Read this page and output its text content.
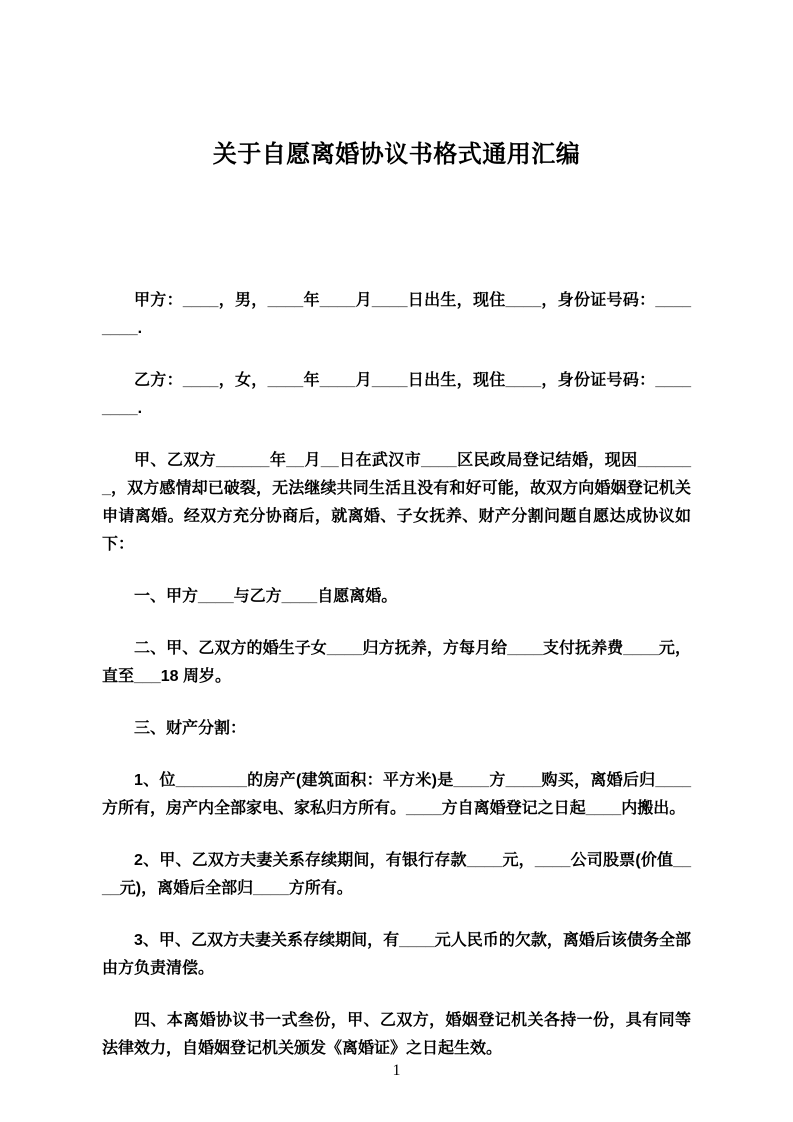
关于自愿离婚协议书格式通用汇编

甲方：____，男，____年____月____日出生，现住____，身份证号码：________.

乙方：____，女，____年____月____日出生，现住____，身份证号码：________.

甲、乙双方______年__月__日在武汉市____区民政局登记结婚，现因_______，双方感情却已破裂，无法继续共同生活且没有和好可能，故双方向婚姻登记机关申请离婚。经双方充分协商后，就离婚、子女抚养、财产分割问题自愿达成协议如下：

一、甲方____与乙方____自愿离婚。

二、甲、乙双方的婚生子女____归方抚养，方每月给____支付抚养费____元，直至___18 周岁。

三、财产分割：

1、位________的房产(建筑面积：平方米)是____方____购买，离婚后归____方所有，房产内全部家电、家私归方所有。____方自离婚登记之日起____内搬出。

2、甲、乙双方夫妻关系存续期间，有银行存款____元，____公司股票(价值____元)，离婚后全部归____方所有。

3、甲、乙双方夫妻关系存续期间，有____元人民币的欠款，离婚后该债务全部由方负责清偿。

四、本离婚协议书一式叁份，甲、乙双方，婚姻登记机关各持一份，具有同等法律效力，自婚姻登记机关颁发《离婚证》之日起生效。

1
